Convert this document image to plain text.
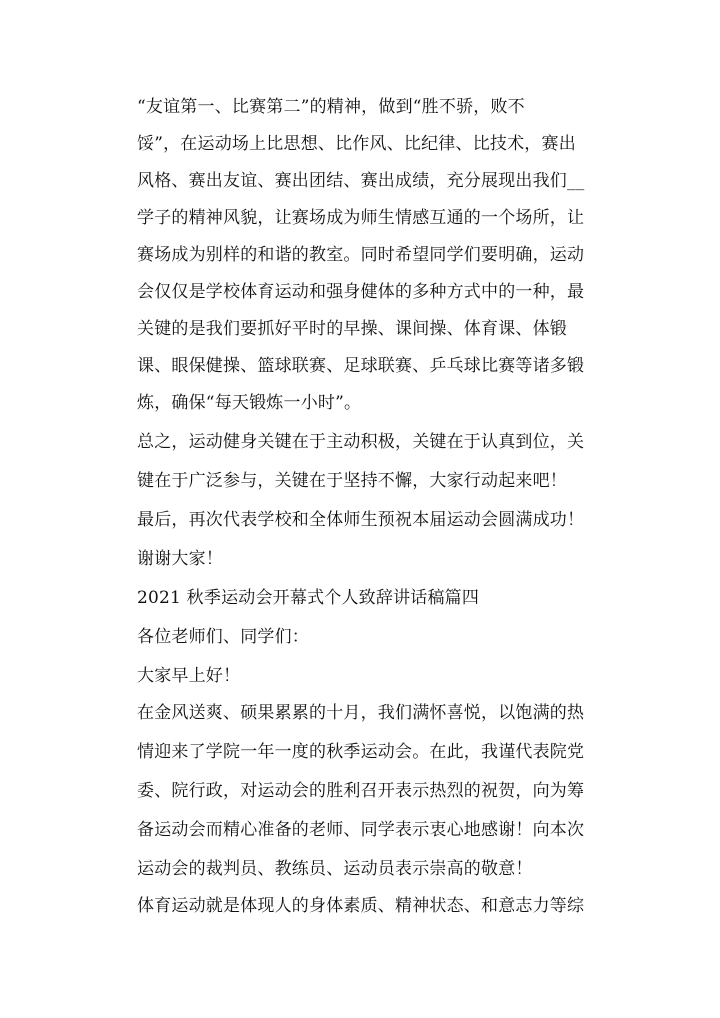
“友谊第一、比赛第二”的精神，做到“胜不骄，败不
馁”，在运动场上比思想、比作风、比纪律、比技术，赛出
风格、赛出友谊、赛出团结、赛出成绩，充分展现出我们__
学子的精神风貌，让赛场成为师生情感互通的一个场所，让
赛场成为别样的和谐的教室。同时希望同学们要明确，运动
会仅仅是学校体育运动和强身健体的多种方式中的一种，最
关键的是我们要抓好平时的早操、课间操、体育课、体锻
课、眼保健操、篮球联赛、足球联赛、乒乓球比赛等诸多锻
炼，确保“每天锻炼一小时”。
总之，运动健身关键在于主动积极，关键在于认真到位，关
键在于广泛参与，关键在于坚持不懈，大家行动起来吧！
最后，再次代表学校和全体师生预祝本届运动会圆满成功！
谢谢大家！
2021 秋季运动会开幕式个人致辞讲话稿篇四
各位老师们、同学们：
大家早上好！
在金风送爽、硕果累累的十月，我们满怀喜悦，以饱满的热
情迎来了学院一年一度的秋季运动会。在此，我谨代表院党
委、院行政，对运动会的胜利召开表示热烈的祝贺，向为筹
备运动会而精心准备的老师、同学表示衷心地感谢！向本次
运动会的裁判员、教练员、运动员表示崇高的敬意！
体育运动就是体现人的身体素质、精神状态、和意志力等综
